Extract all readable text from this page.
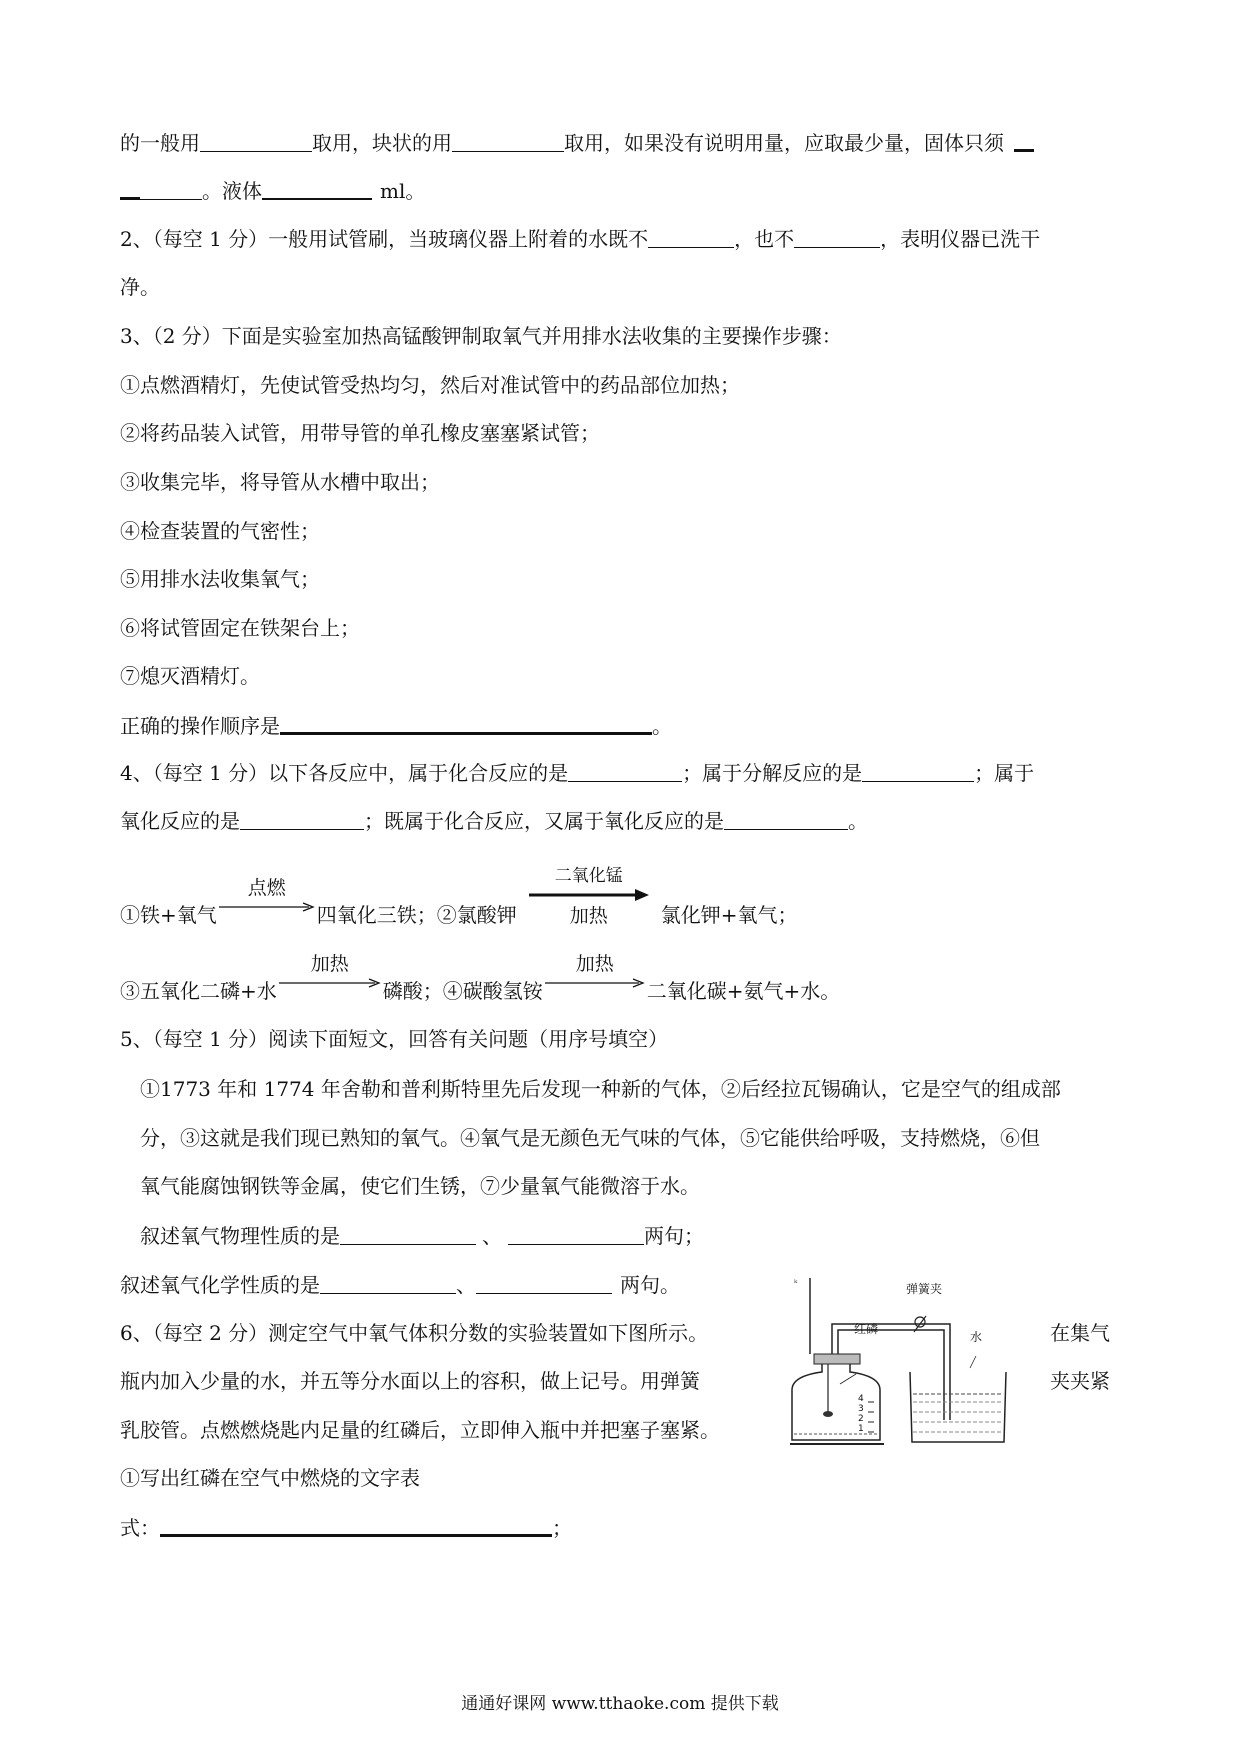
的一般用	取用，块状的用	取用，如果没有说明用量，应取最少量，固体只须
。液体	ml。
2、（每空 1 分）一般用试管刷，当玻璃仪器上附着的水既不	，也不	，表明仪器已洗干
净。
3、（2 分）下面是实验室加热高锰酸钾制取氧气并用排水法收集的主要操作步骤：
①点燃酒精灯，先使试管受热均匀，然后对准试管中的药品部位加热；
②将药品装入试管，用带导管的单孔橡皮塞塞紧试管；
③收集完毕，将导管从水槽中取出；
④检查装置的气密性；
⑤用排水法收集氧气；
⑥将试管固定在铁架台上；
⑦熄灭酒精灯。
正确的操作顺序是	。
4、（每空 1 分）以下各反应中，属于化合反应的是	；属于分解反应的是	；属于
氧化反应的是	；既属于化合反应，又属于氧化反应的是	。
①铁+氧气
点燃
四氧化三铁；②氯酸钾
二氧化锰
加热	氯化钾+氧气；
③五氧化二磷+水
加热
磷酸；④碳酸氢铵
加热
二氧化碳+氨气+水。
5、（每空 1 分）阅读下面短文，回答有关问题（用序号填空）
①1773 年和 1774 年舍勒和普利斯特里先后发现一种新的气体，②后经拉瓦锡确认，它是空气的组成部
分，③这就是我们现已熟知的氧气。④氧气是无颜色无气味的气体，⑤它能供给呼吸，支持燃烧，⑥但
氧气能腐蚀钢铁等金属，使它们生锈，⑦少量氧气能微溶于水。
叙述氧气物理性质的是	、	两句；
叙述氧气化学性质的是	、	两句。
6、（每空 2 分）测定空气中氧气体积分数的实验装置如下图所示。	在集气
瓶内加入少量的水，并五等分水面以上的容积，做上记号。用弹簧	夹夹紧
乳胶管。点燃燃烧匙内足量的红磷后，立即伸入瓶中并把塞子塞紧。
①写出红磷在空气中燃烧的文字表
式：	；
ᵏ	弹簧夹
红磷
水
4
3
2
1
通通好课网 www.tthaoke.com 提供下载
